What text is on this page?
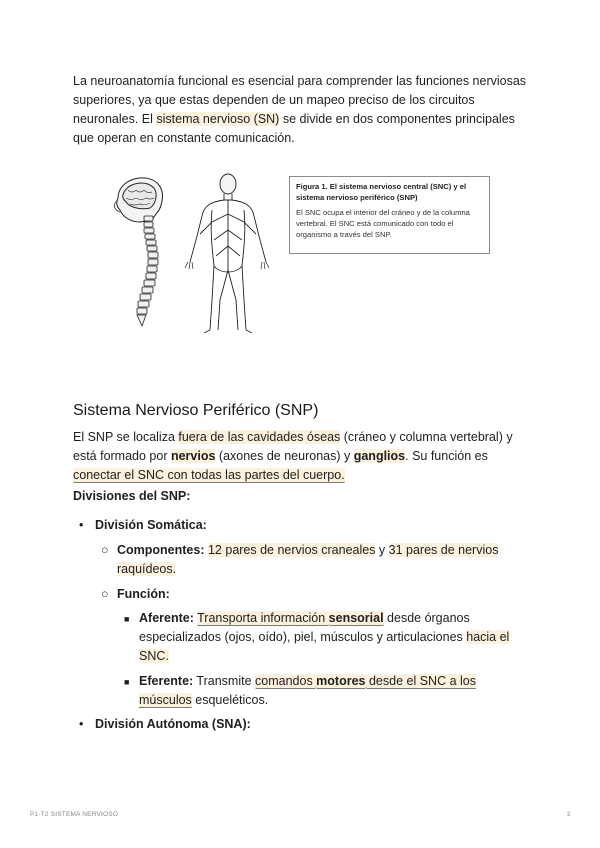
La neuroanatomía funcional es esencial para comprender las funciones nerviosas superiores, ya que estas dependen de un mapeo preciso de los circuitos neuronales. El sistema nervioso (SN) se divide en dos componentes principales que operan en constante comunicación.

Figura 1. El sistema nervioso central (SNC) y el sistema nervioso periférico (SNP)

El SNC ocupa el interior del cráneo y de la columna vertebral. El SNC está comunicado con todo el organismo a través del SNP.

Sistema Nervioso Periférico (SNP)

El SNP se localiza fuera de las cavidades óseas (cráneo y columna vertebral) y está formado por nervios (axones de neuronas) y ganglios. Su función es conectar el SNC con todas las partes del cuerpo.

Divisiones del SNP:

• División Somática:

○ Componentes: 12 pares de nervios craneales y 31 pares de nervios raquídeos.

○ Función:

■ Aferente: Transporta información sensorial desde órganos especializados (ojos, oído), piel, músculos y articulaciones hacia el SNC.

■ Eferente: Transmite comandos motores desde el SNC a los músculos esqueléticos.

• División Autónoma (SNA):

P1-T2 SISTEMA NERVIOSO	2
